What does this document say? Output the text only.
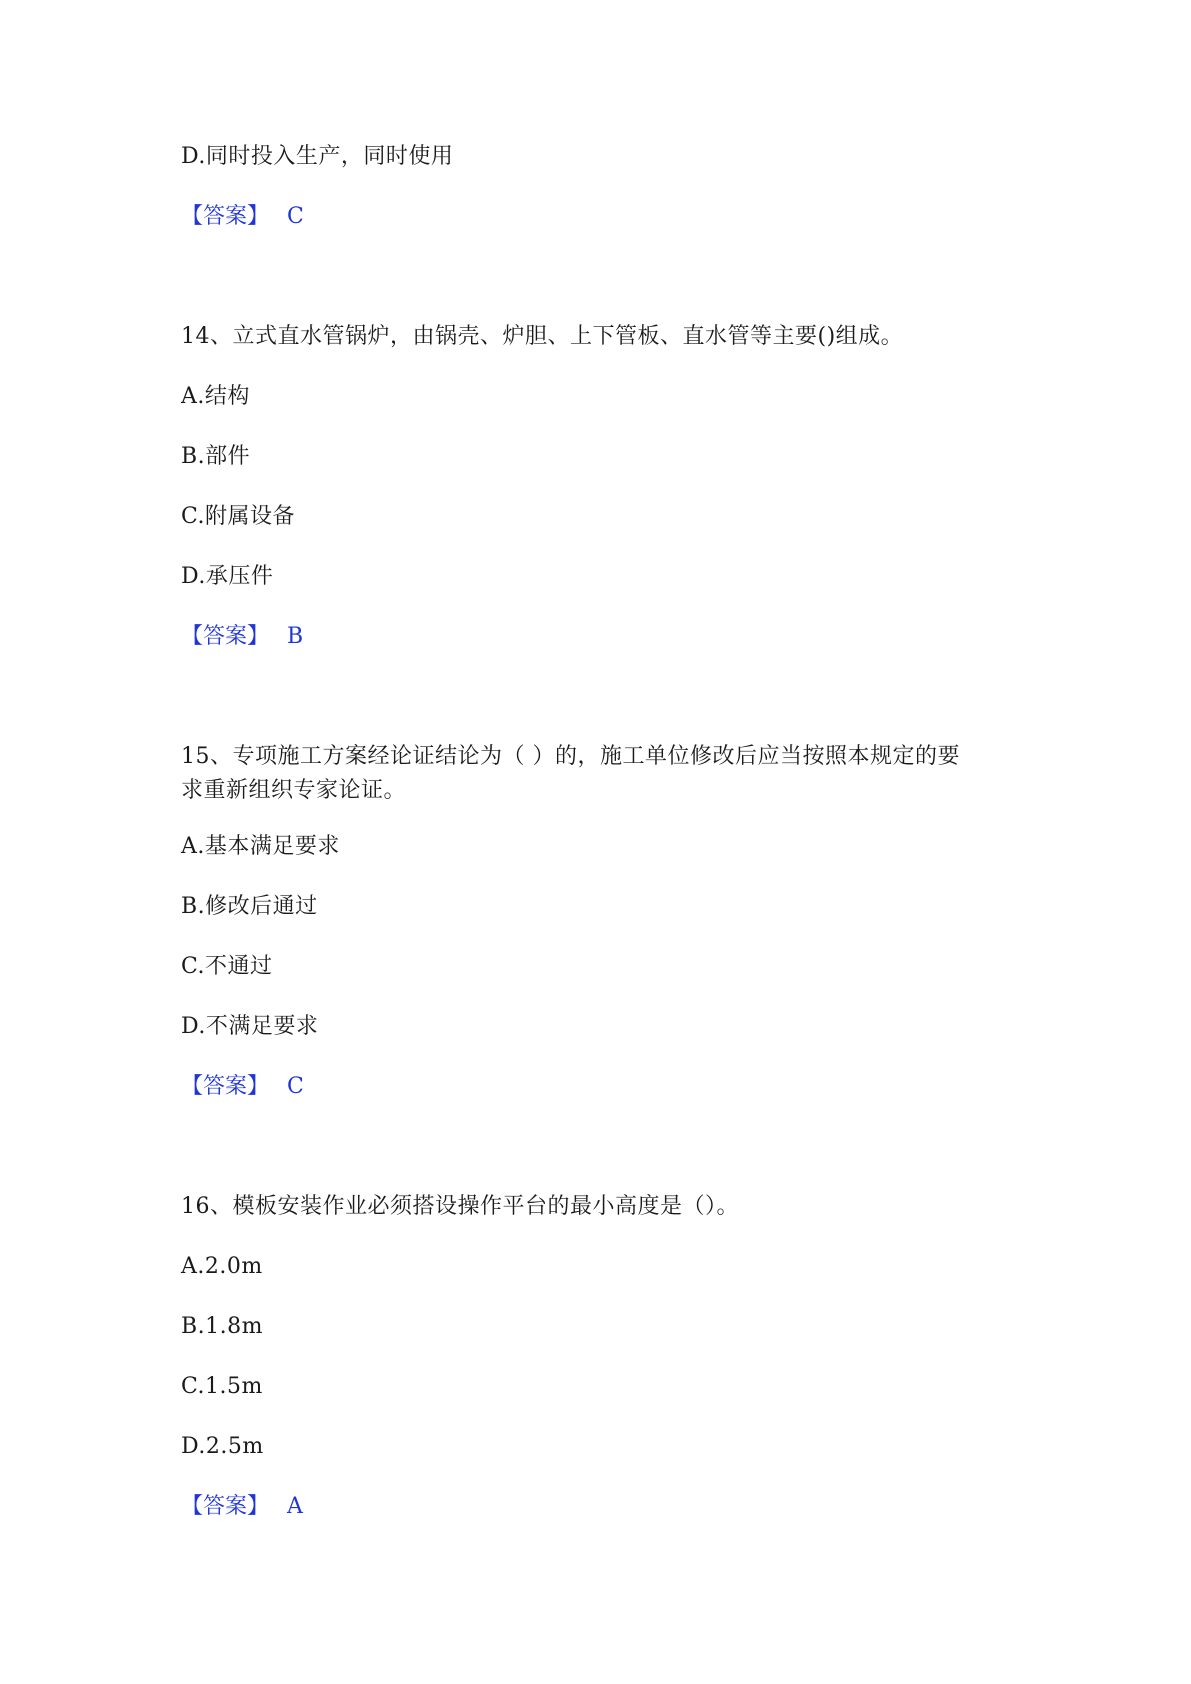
D.同时投入生产，同时使用
【答案】 C
14、立式直水管锅炉，由锅壳、炉胆、上下管板、直水管等主要()组成。
A.结构
B.部件
C.附属设备
D.承压件
【答案】 B
15、专项施工方案经论证结论为（ ）的，施工单位修改后应当按照本规定的要
求重新组织专家论证。
A.基本满足要求
B.修改后通过
C.不通过
D.不满足要求
【答案】 C
16、模板安装作业必须搭设操作平台的最小高度是（）。
A.2.0m
B.1.8m
C.1.5m
D.2.5m
【答案】 A
